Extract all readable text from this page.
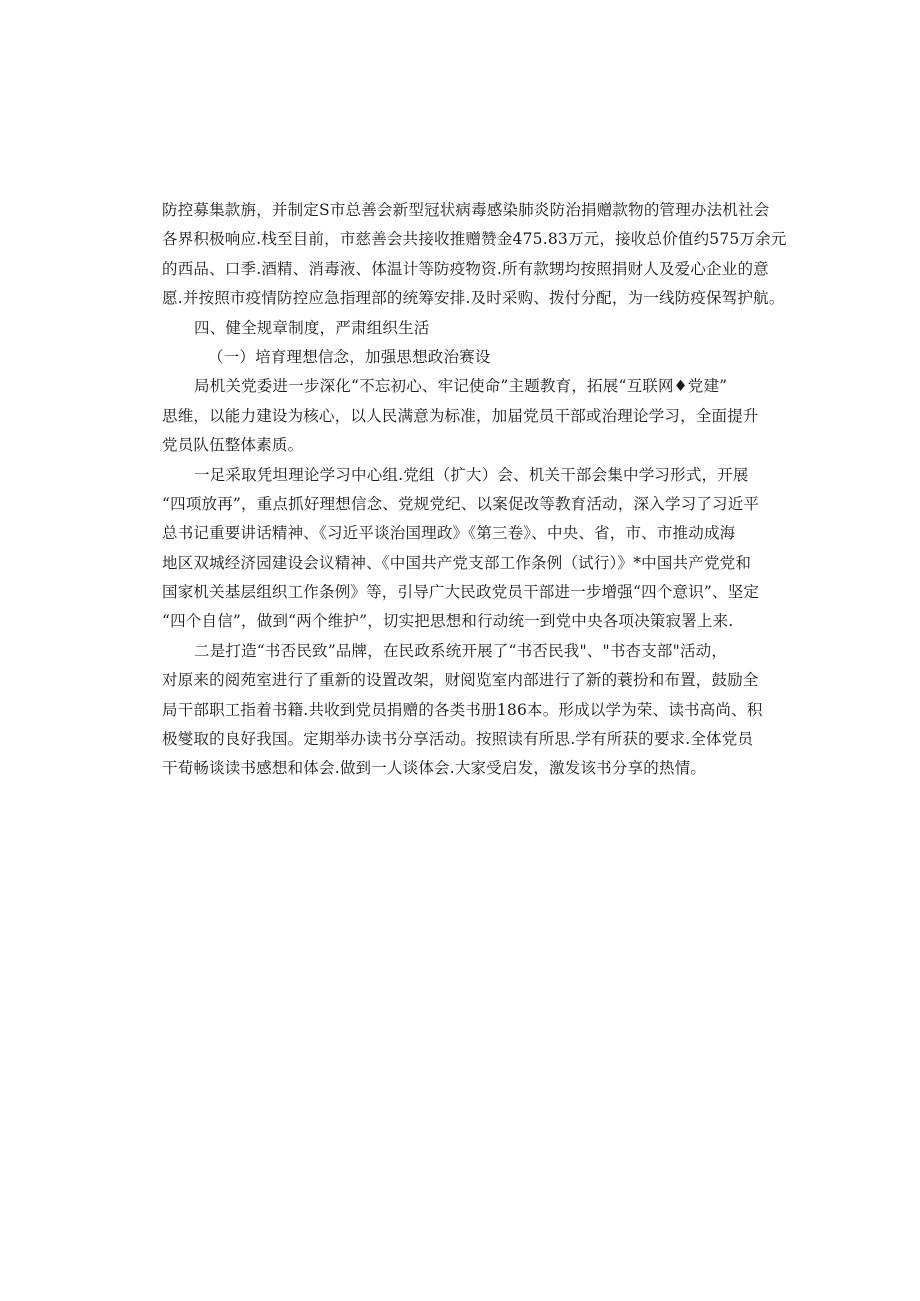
防控募集款旃，并制定S市总善会新型冠状病毒感染肺炎防治捐赠款物的管理办法机社会
各界积极响应.栈至目前，市慈善会共接收推赠赞金475.83万元，接收总价值约575万余元
的西品、口季.酒精、消毒液、体温计等防疫物资.所有款甥均按照捐财人及爱心企业的意
愿.并按照市疫情防控应急指理部的统筹安排.及时采购、拨付分配，为一线防疫保驾护航。
四、健全规章制度，严肃组织生活
（一）培育理想信念，加强思想政治赛设
局机关党委进一步深化“不忘初心、牢记使命”主题教育，拓展“互联网♦党建”
思维，以能力建设为核心，以人民满意为标准，加届党员干部或治理论学习，全面提升
党员队伍整体素质。
一足采取凭坦理论学习中心组.党组（扩大）会、机关干部会集中学习形式，开展
“四项放再”，重点抓好理想信念、党规党纪、以案促改等教育活动，深入学习了习近平
总书记重要讲话精神、《习近平谈治国理政》《第三卷》、中央、省，市、市推动成海
地区双城经济园建设会议精神、《中国共产党支部工作条例（试行）》*中国共产党党和
国家机关基层组织工作条例》等，引导广大民政党员干部进一步增强“四个意识”、坚定
“四个自信”，做到“两个维护”，切实把思想和行动统一到党中央各项决策寂署上来.
二是打造“书否民致”品牌，在民政系统开展了“书否民我"、"书杏支部"活动，
对原来的阅苑室进行了重新的设置改架，财阅览室内部进行了新的蓑扮和布置，鼓励全
局干部职工指着书籍.共收到党员捐赠的各类书册186本。形成以学为荣、读书高尚、积
极燮取的良好我国。定期举办读书分享活动。按照读有所思.学有所获的要求.全体党员
干荀畅谈读书感想和体会.做到一人谈体会.大家受启发，激发该书分享的热情。
